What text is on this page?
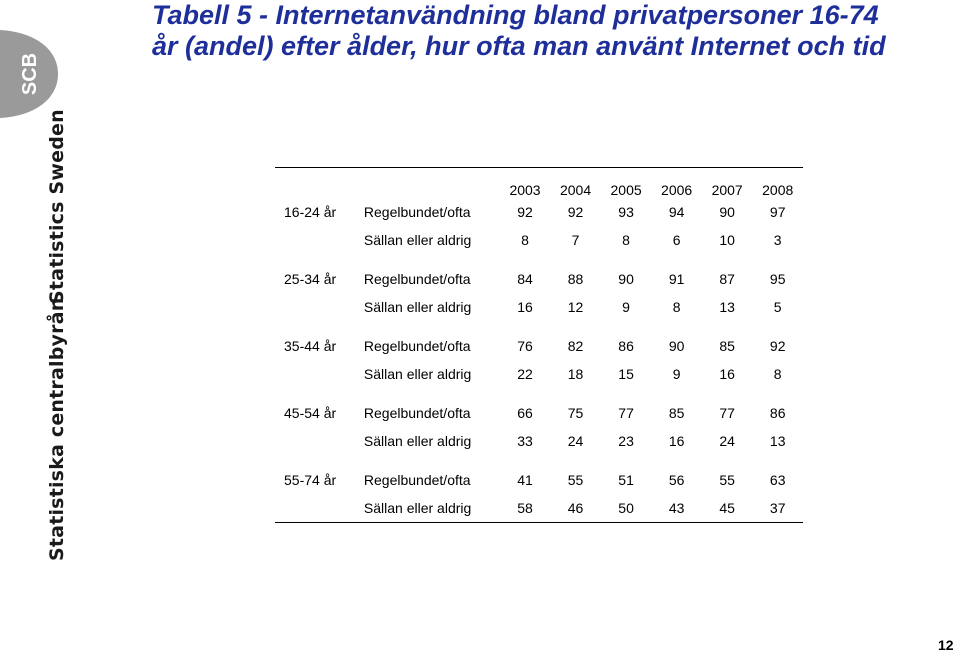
Tabell 5 - Internetanvändning bland privatpersoner 16-74 år (andel) efter ålder, hur ofta man använt Internet och tid
SCB
Statistics Sweden
Statistiska centralbyrån
		2003	2004	2005	2006	2007	2008
16-24 år	Regelbundet/ofta	92	92	93	94	90	97
	Sällan eller aldrig	8	7	8	6	10	3

25-34 år	Regelbundet/ofta	84	88	90	91	87	95
	Sällan eller aldrig	16	12	9	8	13	5

35-44 år	Regelbundet/ofta	76	82	86	90	85	92
	Sällan eller aldrig	22	18	15	9	16	8

45-54 år	Regelbundet/ofta	66	75	77	85	77	86
	Sällan eller aldrig	33	24	23	16	24	13

55-74 år	Regelbundet/ofta	41	55	51	56	55	63
	Sällan eller aldrig	58	46	50	43	45	37
12
